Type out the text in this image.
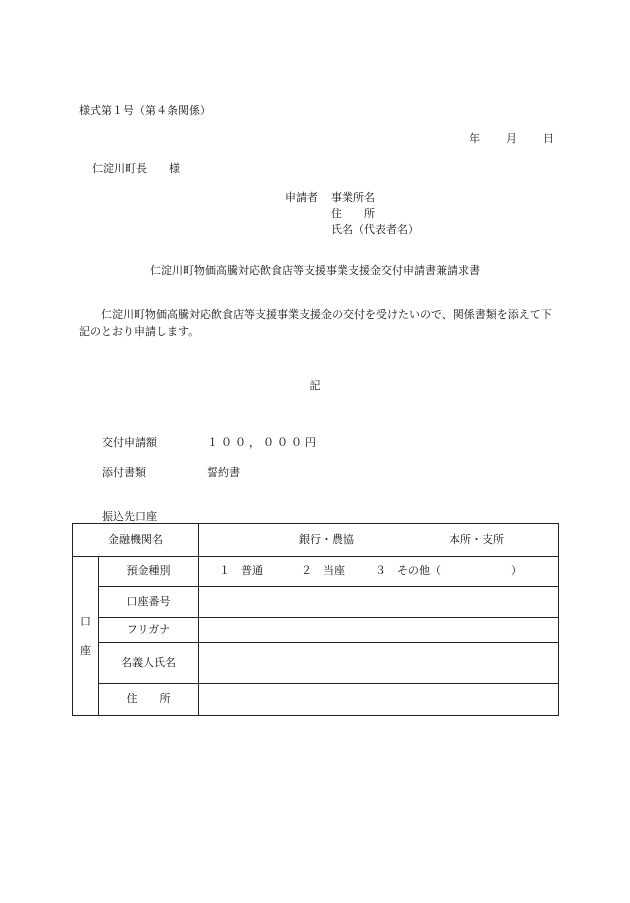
様式第１号（第４条関係）
年 月 日
仁淀川町長　　様
申請者 事業所名
住　　所
氏名（代表者名）
仁淀川町物価高騰対応飲食店等支援事業支援金交付申請書兼請求書
仁淀川町物価高騰対応飲食店等支援事業支援金の交付を受けたいので、関係書類を添えて下記のとおり申請します。
記
交付申請額	１００，０００円
添付書類	誓約書
振込先口座
金融機関名		銀行・農協 本所・支所

口
座	預金種別	１　普通 ２　当座 ３　その他（ ）
	口座番号	
	フリガナ	
	名義人氏名	
	住　　所	
